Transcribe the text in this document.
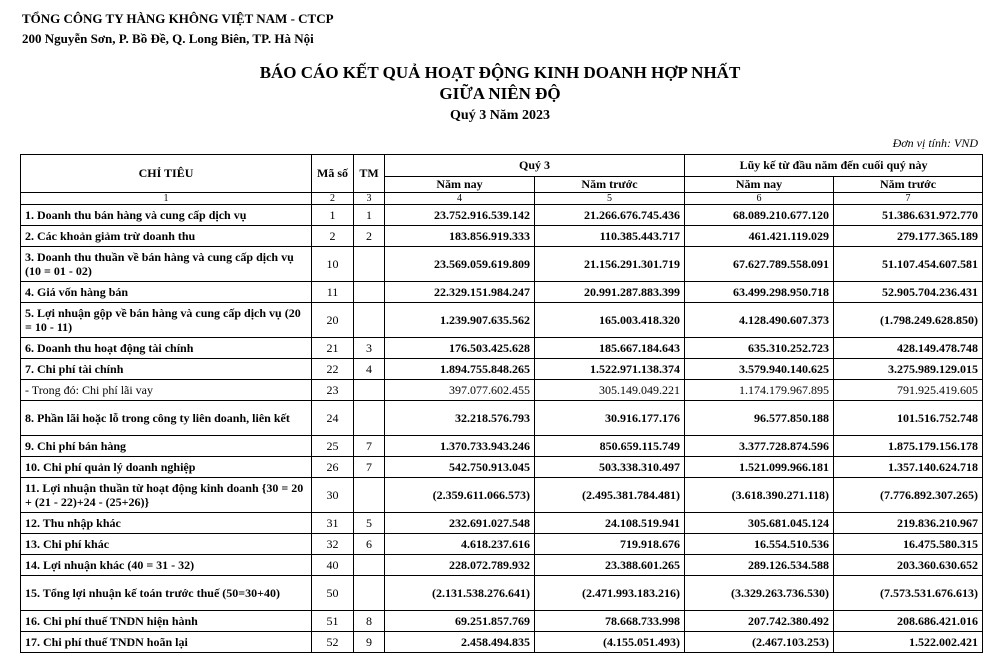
TỔNG CÔNG TY HÀNG KHÔNG VIỆT NAM - CTCP
200 Nguyễn Sơn, P. Bồ Đề, Q. Long Biên, TP. Hà Nội
BÁO CÁO KẾT QUẢ HOẠT ĐỘNG KINH DOANH HỢP NHẤT
GIỮA NIÊN ĐỘ
Quý 3 Năm 2023
Đơn vị tính: VND
CHỈ TIÊU	Mã số	TM	Quý 3		Lũy kế từ đầu năm đến cuối quý này	
			Năm nay	Năm trước	Năm nay	Năm trước
1	2	3	4	5	6	7
1. Doanh thu bán hàng và cung cấp dịch vụ	1	1	23.752.916.539.142	21.266.676.745.436	68.089.210.677.120	51.386.631.972.770
2. Các khoản giảm trừ doanh thu	2	2	183.856.919.333	110.385.443.717	461.421.119.029	279.177.365.189
3. Doanh thu thuần về bán hàng và cung cấp dịch vụ (10 = 01 - 02)	10		23.569.059.619.809	21.156.291.301.719	67.627.789.558.091	51.107.454.607.581
4. Giá vốn hàng bán	11		22.329.151.984.247	20.991.287.883.399	63.499.298.950.718	52.905.704.236.431
5. Lợi nhuận gộp về bán hàng và cung cấp dịch vụ (20 = 10 - 11)	20		1.239.907.635.562	165.003.418.320	4.128.490.607.373	(1.798.249.628.850)
6. Doanh thu hoạt động tài chính	21	3	176.503.425.628	185.667.184.643	635.310.252.723	428.149.478.748
7. Chi phí tài chính	22	4	1.894.755.848.265	1.522.971.138.374	3.579.940.140.625	3.275.989.129.015
- Trong đó: Chi phí lãi vay	23		397.077.602.455	305.149.049.221	1.174.179.967.895	791.925.419.605
8. Phần lãi hoặc lỗ trong công ty liên doanh, liên kết	24		32.218.576.793	30.916.177.176	96.577.850.188	101.516.752.748
9. Chi phí bán hàng	25	7	1.370.733.943.246	850.659.115.749	3.377.728.874.596	1.875.179.156.178
10. Chi phí quản lý doanh nghiệp	26	7	542.750.913.045	503.338.310.497	1.521.099.966.181	1.357.140.624.718
11. Lợi nhuận thuần từ hoạt động kinh doanh {30 = 20 + (21 - 22)+24 - (25+26)}	30		(2.359.611.066.573)	(2.495.381.784.481)	(3.618.390.271.118)	(7.776.892.307.265)
12. Thu nhập khác	31	5	232.691.027.548	24.108.519.941	305.681.045.124	219.836.210.967
13. Chi phí khác	32	6	4.618.237.616	719.918.676	16.554.510.536	16.475.580.315
14. Lợi nhuận khác (40 = 31 - 32)	40		228.072.789.932	23.388.601.265	289.126.534.588	203.360.630.652
15. Tổng lợi nhuận kế toán trước thuế (50=30+40)	50		(2.131.538.276.641)	(2.471.993.183.216)	(3.329.263.736.530)	(7.573.531.676.613)
16. Chi phí thuế TNDN hiện hành	51	8	69.251.857.769	78.668.733.998	207.742.380.492	208.686.421.016
17. Chi phí thuế TNDN hoãn lại	52	9	2.458.494.835	(4.155.051.493)	(2.467.103.253)	1.522.002.421
